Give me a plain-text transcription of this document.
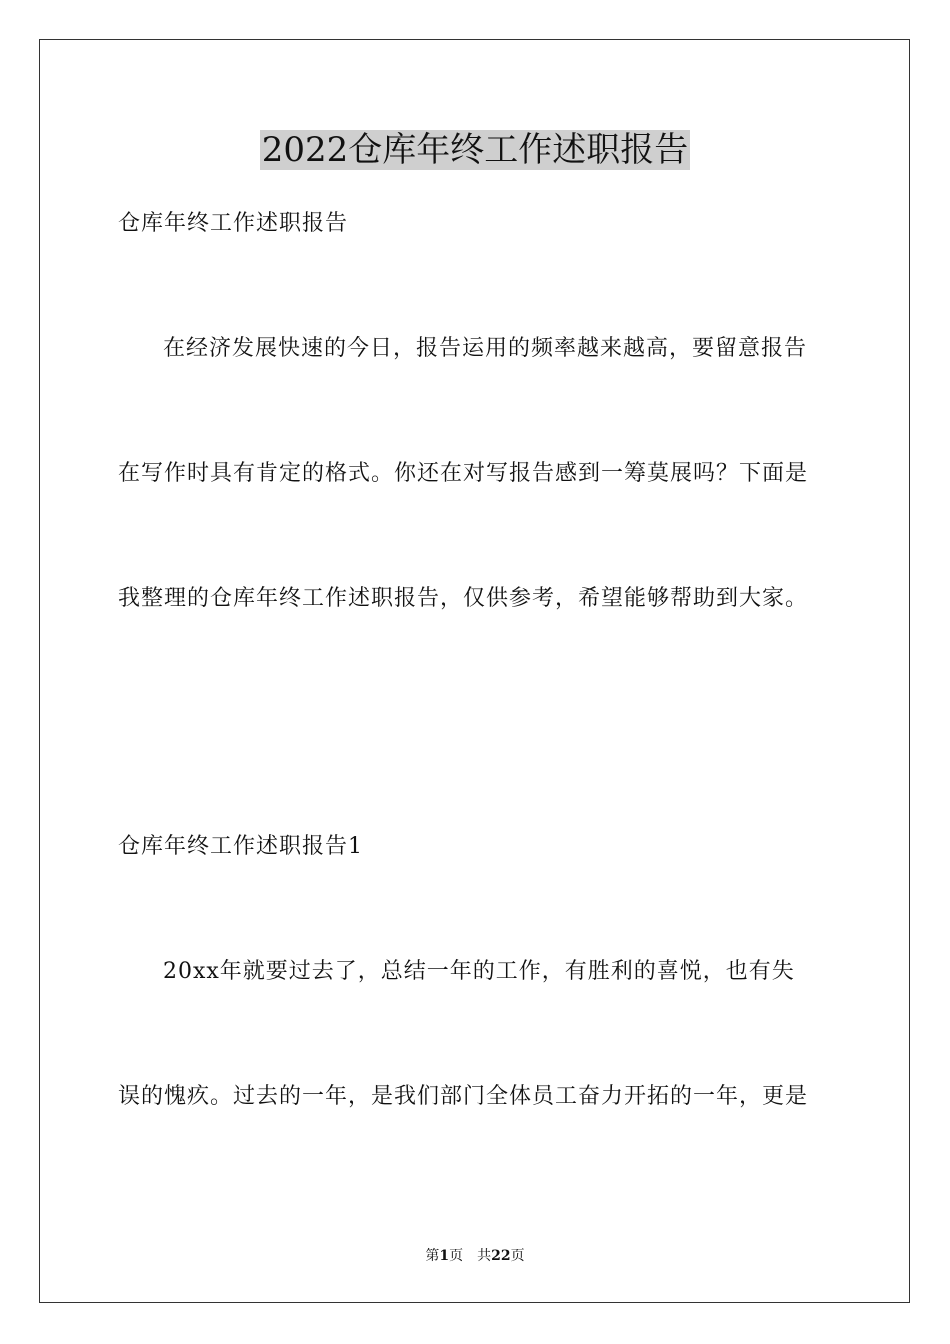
2022仓库年终工作述职报告
仓库年终工作述职报告
在经济发展快速的今日，报告运用的频率越来越高，要留意报告
在写作时具有肯定的格式。你还在对写报告感到一筹莫展吗？下面是
我整理的仓库年终工作述职报告，仅供参考，希望能够帮助到大家。
仓库年终工作述职报告1
20xx年就要过去了，总结一年的工作，有胜利的喜悦，也有失
误的愧疚。过去的一年，是我们部门全体员工奋力开拓的一年，更是
第1页 共22页
